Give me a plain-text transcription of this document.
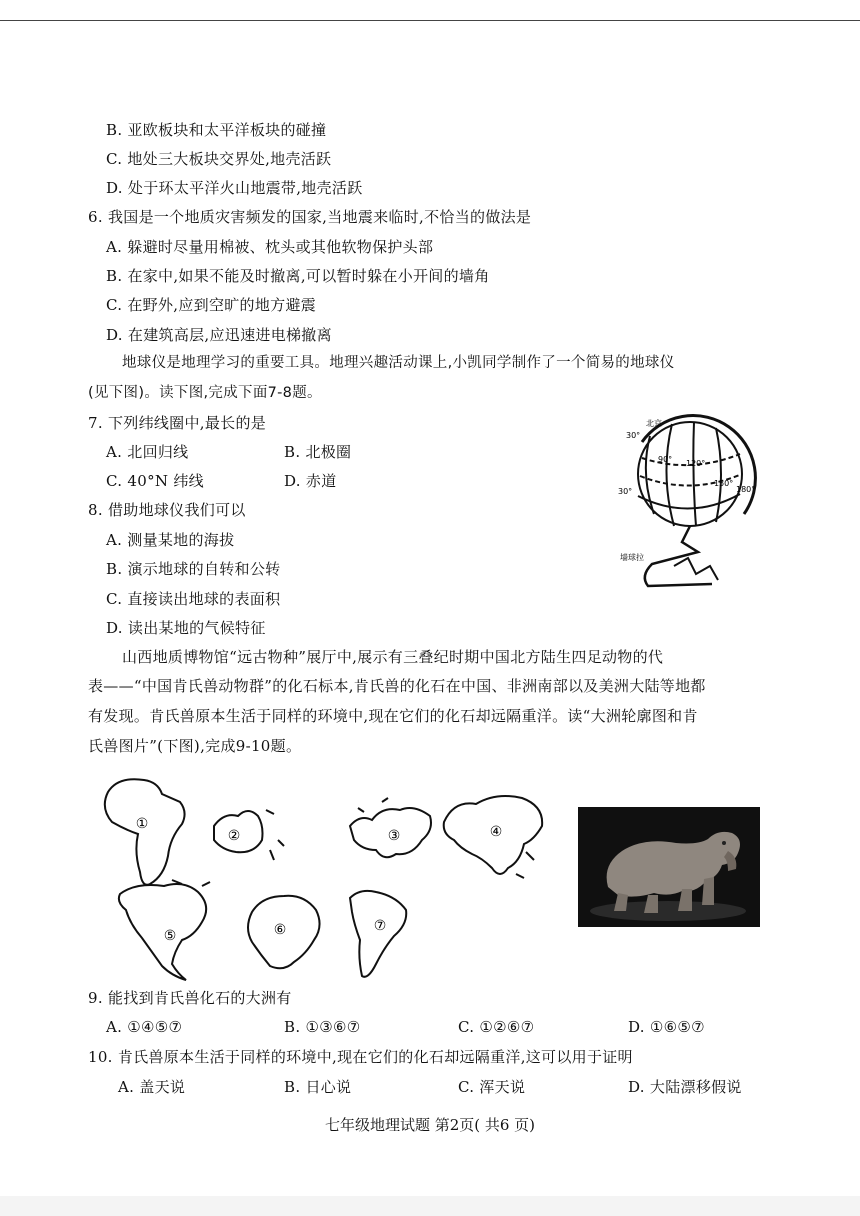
B. 亚欧板块和太平洋板块的碰撞
C. 地处三大板块交界处,地壳活跃
D. 处于环太平洋火山地震带,地壳活跃
6. 我国是一个地质灾害频发的国家,当地震来临时,不恰当的做法是
A. 躲避时尽量用棉被、枕头或其他软物保护头部
B. 在家中,如果不能及时撤离,可以暂时躲在小开间的墙角
C. 在野外,应到空旷的地方避震
D. 在建筑高层,应迅速进电梯撤离
地球仪是地理学习的重要工具。地理兴趣活动课上,小凯同学制作了一个简易的地球仪
(见下图)。读下图,完成下面7-8题。
7. 下列纬线圈中,最长的是
A. 北回归线	B. 北极圈
C. 40°N 纬线	D. 赤道
8. 借助地球仪我们可以
A. 测量某地的海拔
B. 演示地球的自转和公转
C. 直接读出地球的表面积
D. 读出某地的气候特征
山西地质博物馆“远古物种”展厅中,展示有三叠纪时期中国北方陆生四足动物的代
表——“中国肯氏兽动物群”的化石标本,肯氏兽的化石在中国、非洲南部以及美洲大陆等地都
有发现。肯氏兽原本生活于同样的环境中,现在它们的化石却远隔重洋。读“大洲轮廓图和肯
氏兽图片”(下图),完成9-10题。
北京
30°
30°
90° 120°
150°
180°
墙球拉
①
②	③	④
⑤	⑥	⑦
9. 能找到肯氏兽化石的大洲有
A. ①④⑤⑦	B. ①③⑥⑦	C. ①②⑥⑦	D. ①⑥⑤⑦
10. 肯氏兽原本生活于同样的环境中,现在它们的化石却远隔重洋,这可以用于证明
A. 盖天说	B. 日心说	C. 浑天说	D. 大陆漂移假说
七年级地理试题 第2页( 共6 页)
